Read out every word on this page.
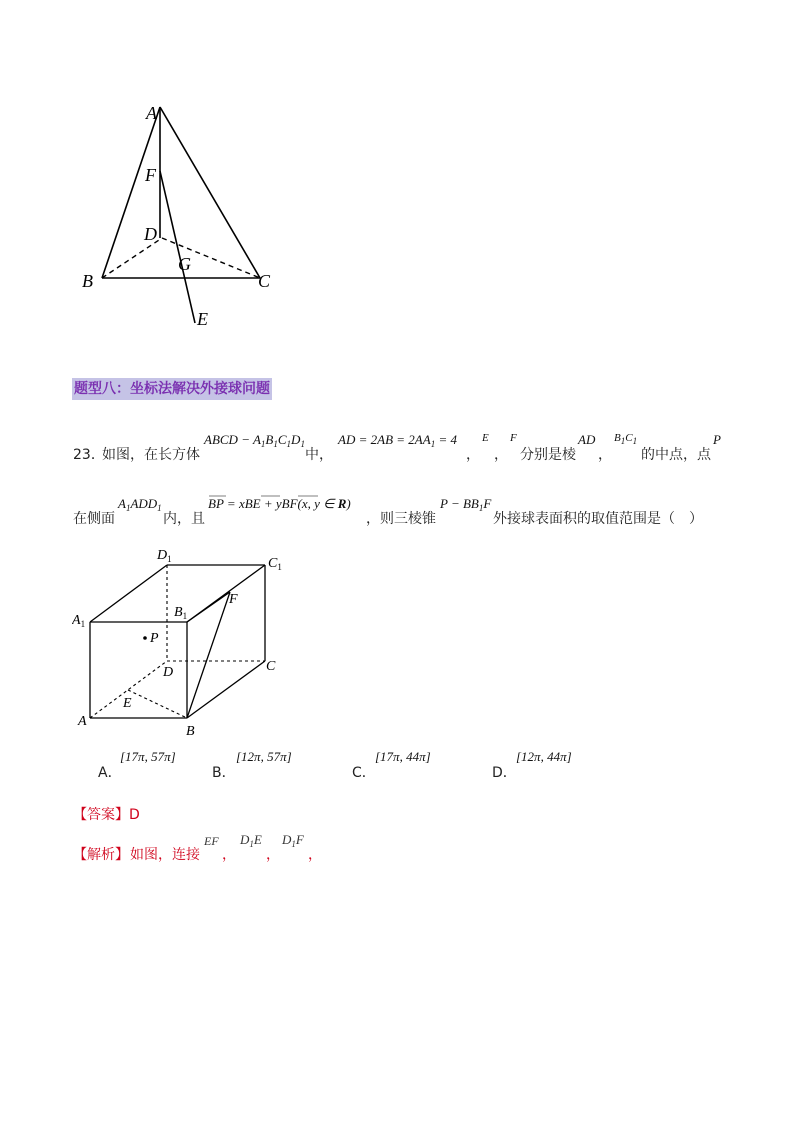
A
F
D
G
B	C
E
题型八：坐标法解决外接球问题
23．
如图，在长方体
ABCD − $A_1B_1C_1D_1$
中，
AD = $2AB = 2AA_1 = 4$
，
E
，
F
分别是棱
AD
，
$B_1C_1$
的中点，点
P
在侧面
$A_1ADD_1$
内，且
BP = xBE + yBF(x, y ∈ R)
，则三棱锥
$P - BB_1F$
外接球表面积的取值范围是（　）
$D_1$	$C_1$
$A_1$
$B_1$
F
P
D	C
E
A
B
A．
[17π, 57π]
B．
[12π, 57π]
C．
[17π, 44π]
D．
[12π, 44π]
【答案】D
【解析】 如图，连接
EF
，
$D_1E$
，
$D_1F$
，
